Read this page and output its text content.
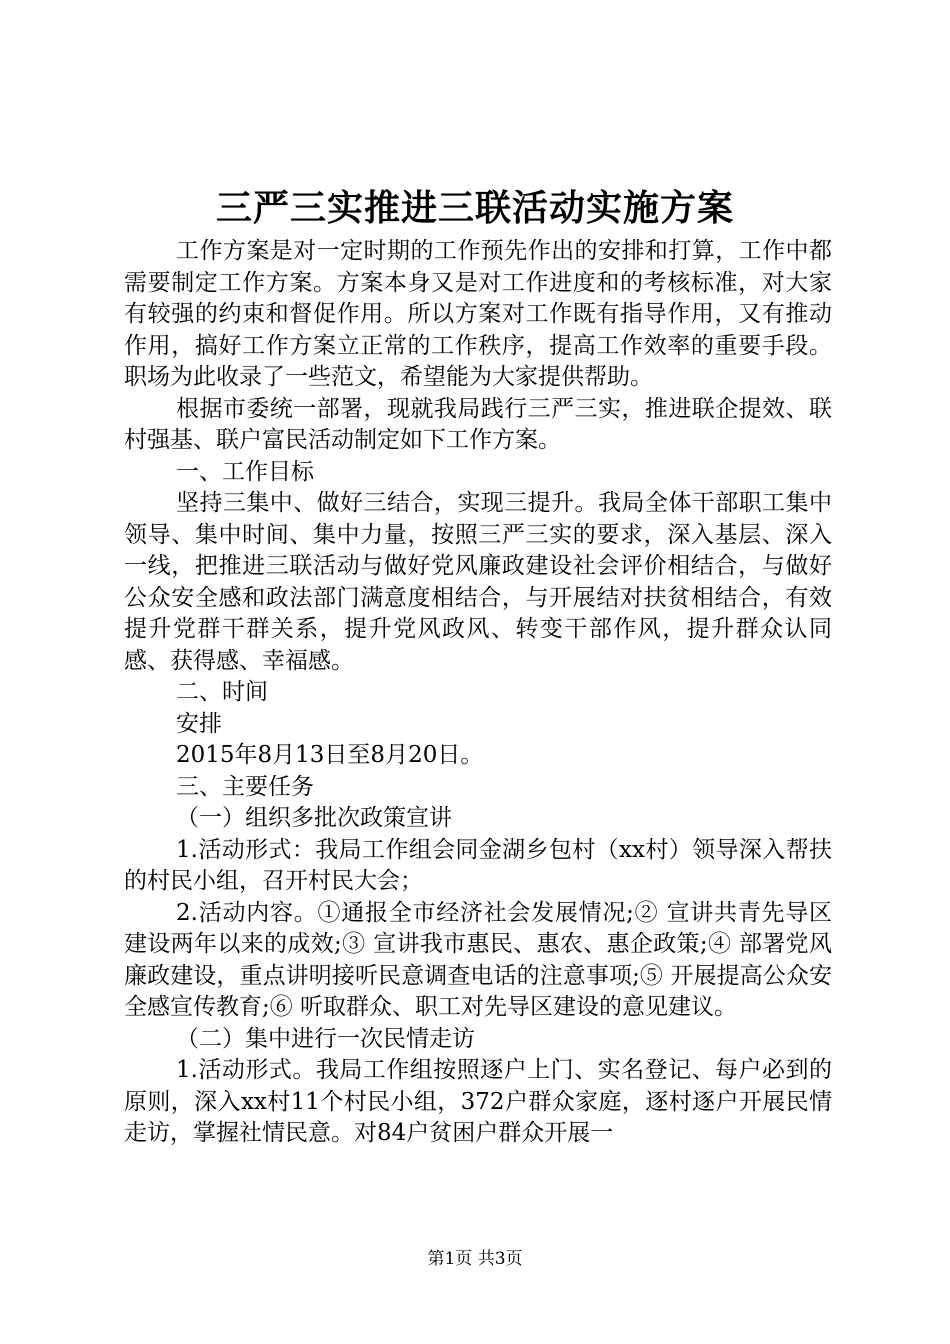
三严三实推进三联活动实施方案

工作方案是对一定时期的工作预先作出的安排和打算，工作中都需要制定工作方案。方案本身又是对工作进度和的考核标准，对大家有较强的约束和督促作用。所以方案对工作既有指导作用，又有推动作用，搞好工作方案立正常的工作秩序，提高工作效率的重要手段。职场为此收录了一些范文，希望能为大家提供帮助。

根据市委统一部署，现就我局践行三严三实，推进联企提效、联村强基、联户富民活动制定如下工作方案。

一、工作目标

坚持三集中、做好三结合，实现三提升。我局全体干部职工集中领导、集中时间、集中力量，按照三严三实的要求，深入基层、深入一线，把推进三联活动与做好党风廉政建设社会评价相结合，与做好公众安全感和政法部门满意度相结合，与开展结对扶贫相结合，有效提升党群干群关系，提升党风政风、转变干部作风，提升群众认同感、获得感、幸福感。

二、时间

安排

2015年8月13日至8月20日。

三、主要任务

（一）组织多批次政策宣讲

1.活动形式：我局工作组会同金湖乡包村（xx村）领导深入帮扶的村民小组，召开村民大会；

2.活动内容。①通报全市经济社会发展情况;② 宣讲共青先导区建设两年以来的成效;③ 宣讲我市惠民、惠农、惠企政策;④ 部署党风廉政建设，重点讲明接听民意调查电话的注意事项;⑤ 开展提高公众安全感宣传教育;⑥ 听取群众、职工对先导区建设的意见建议。

（二）集中进行一次民情走访

1.活动形式。我局工作组按照逐户上门、实名登记、每户必到的原则，深入xx村11个村民小组，372户群众家庭，逐村逐户开展民情走访，掌握社情民意。对84户贫困户群众开展一

第1页 共3页
